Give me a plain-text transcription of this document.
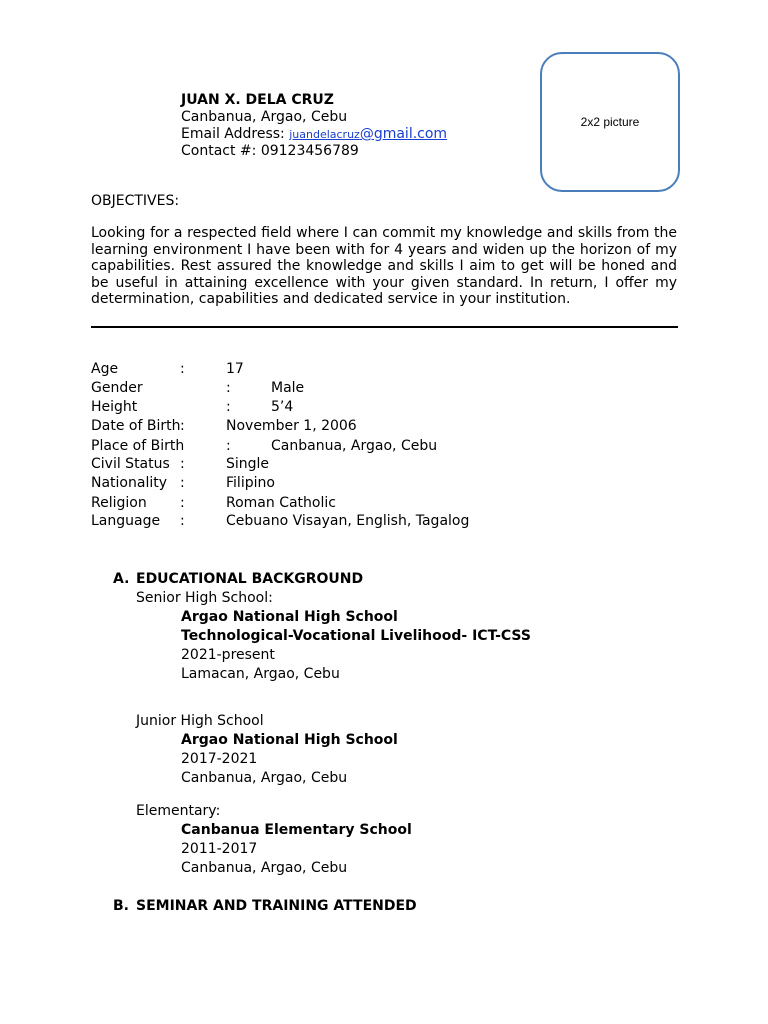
JUAN X. DELA CRUZ
Canbanua, Argao, Cebu
Email Address: juandelacruz@gmail.com
Contact #: 09123456789
2x2 picture
OBJECTIVES:
Looking for a respected field where I can commit my knowledge and skills from the learning environment I have been with for 4 years and widen up the horizon of my capabilities. Rest assured the knowledge and skills I aim to get will be honed and be useful in attaining excellence with your given standard. In return, I offer my determination, capabilities and dedicated service in your institution.
Age	:	17
Gender	:	Male
Height	:	5’4
Date of Birth :	November 1, 2006
Place of Birth	:	Canbanua, Argao, Cebu
Civil Status :	Single
Nationality :	Filipino
Religion :	Roman Catholic
Language :	Cebuano Visayan, English, Tagalog
A. EDUCATIONAL BACKGROUND
Senior High School:
Argao National High School
Technological-Vocational Livelihood- ICT-CSS
2021-present
Lamacan, Argao, Cebu
Junior High School
Argao National High School
2017-2021
Canbanua, Argao, Cebu
Elementary:
Canbanua Elementary School
2011-2017
Canbanua, Argao, Cebu
B. SEMINAR AND TRAINING ATTENDED
